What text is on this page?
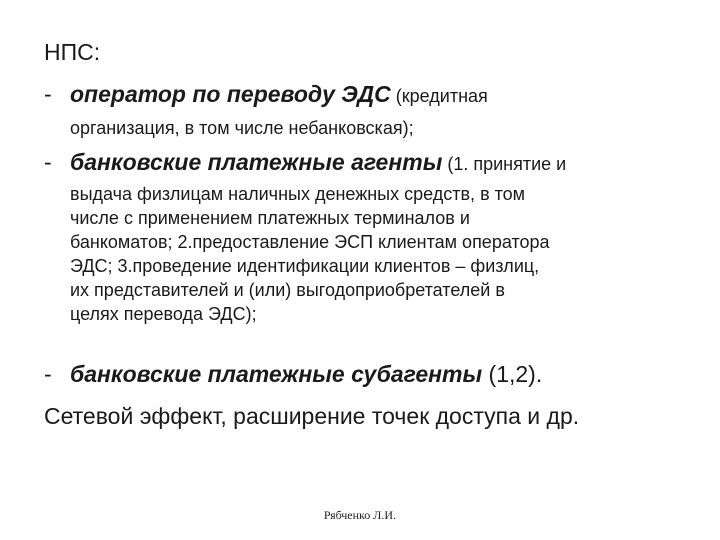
НПС:
- оператор по переводу ЭДС (кредитная
организация, в том числе небанковская);
- банковские платежные агенты (1. принятие и
выдача физлицам наличных денежных средств, в том
числе с применением платежных терминалов и
банкоматов; 2.предоставление ЭСП клиентам оператора
ЭДС; 3.проведение идентификации клиентов – физлиц,
их представителей и (или) выгодоприобретателей в
целях перевода ЭДС);
- банковские платежные субагенты (1,2).
Сетевой эффект, расширение точек доступа и др.
Рябченко Л.И.
